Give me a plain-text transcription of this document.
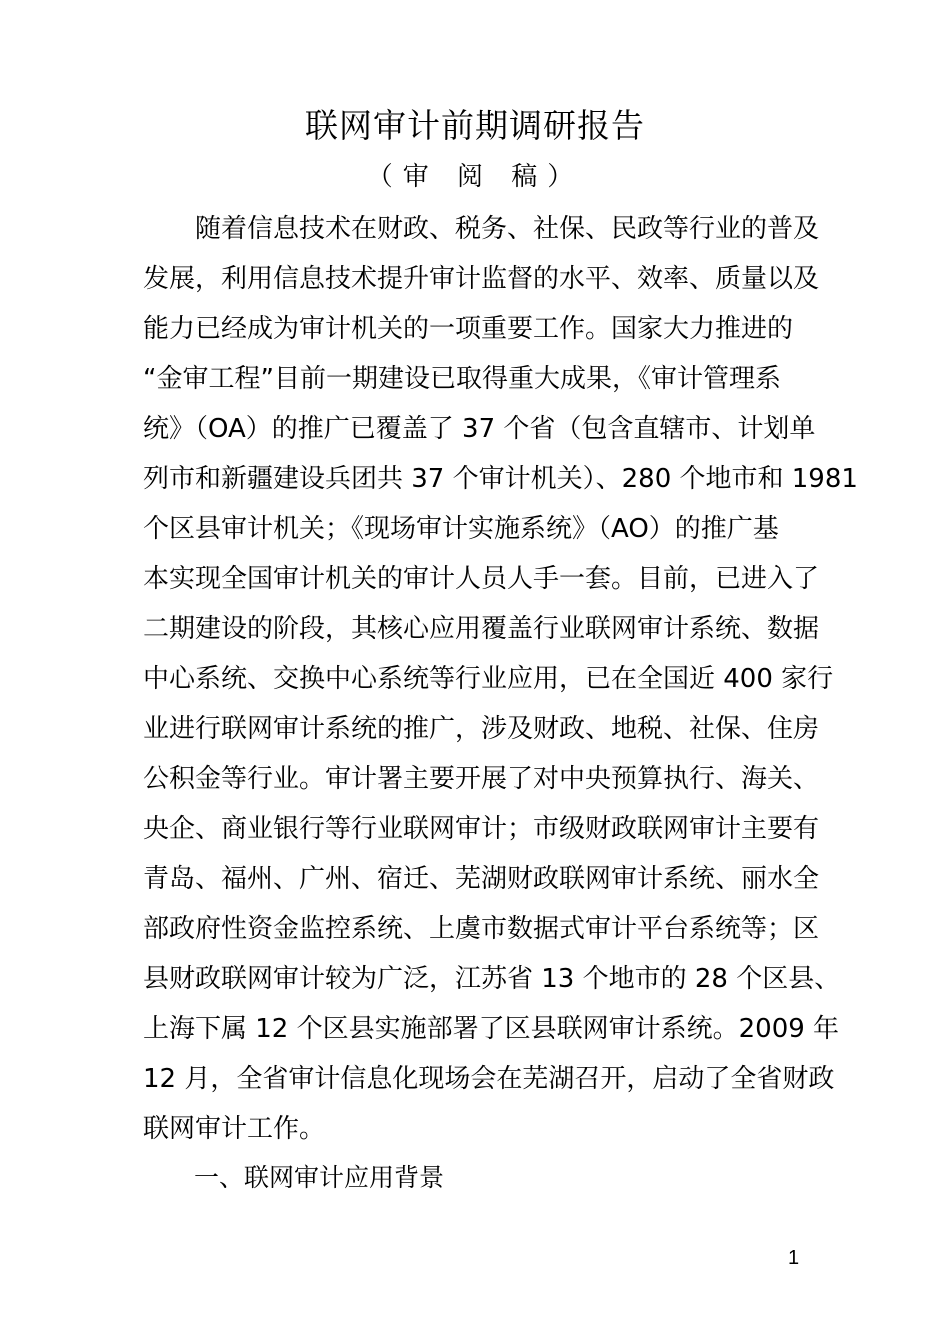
联网审计前期调研报告
（审 阅 稿）
　　随着信息技术在财政、税务、社保、民政等行业的普及
发展，利用信息技术提升审计监督的水平、效率、质量以及
能力已经成为审计机关的一项重要工作。国家大力推进的
“金审工程”目前一期建设已取得重大成果，《审计管理系
统》（OA）的推广已覆盖了 37 个省（包含直辖市、计划单
列市和新疆建设兵团共 37 个审计机关）、280 个地市和 1981
个区县审计机关；《现场审计实施系统》（AO）的推广基
本实现全国审计机关的审计人员人手一套。目前，已进入了
二期建设的阶段，其核心应用覆盖行业联网审计系统、数据
中心系统、交换中心系统等行业应用，已在全国近 400 家行
业进行联网审计系统的推广，涉及财政、地税、社保、住房
公积金等行业。审计署主要开展了对中央预算执行、海关、
央企、商业银行等行业联网审计；市级财政联网审计主要有
青岛、福州、广州、宿迁、芜湖财政联网审计系统、丽水全
部政府性资金监控系统、上虞市数据式审计平台系统等；区
县财政联网审计较为广泛，江苏省 13 个地市的 28 个区县、
上海下属 12 个区县实施部署了区县联网审计系统。2009 年
12 月，全省审计信息化现场会在芜湖召开，启动了全省财政
联网审计工作。
一、联网审计应用背景
1
